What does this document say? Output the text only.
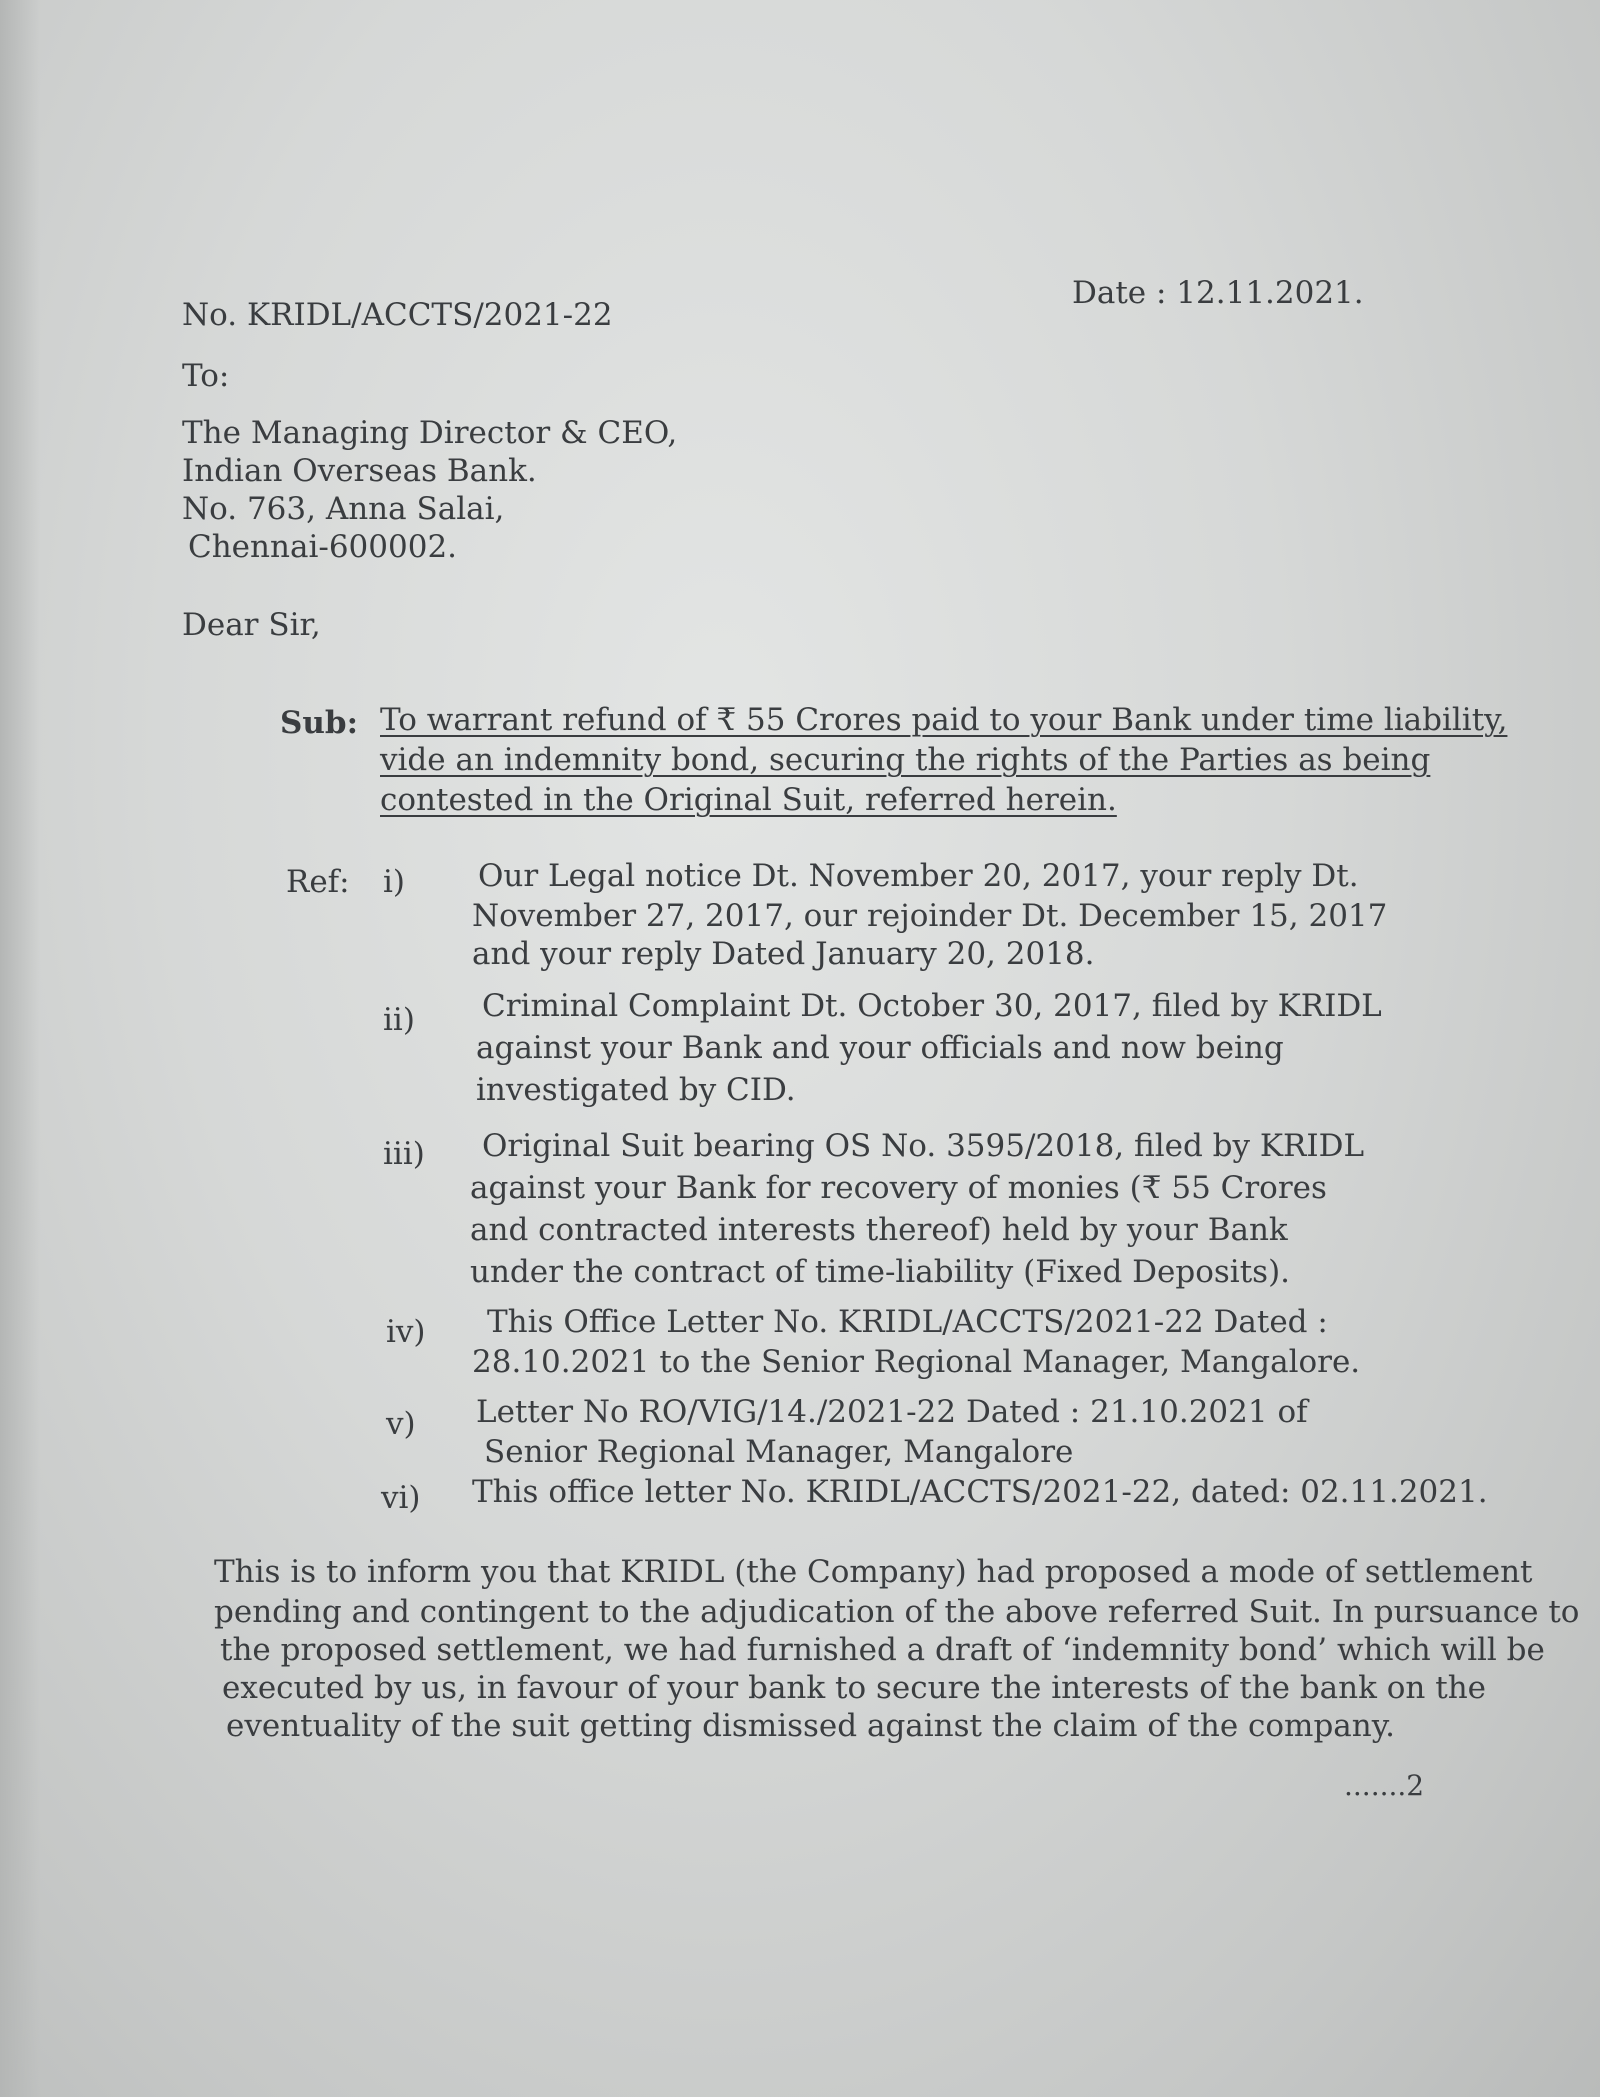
No. KRIDL/ACCTS/2021-22
Date : 12.11.2021.
To:
The Managing Director & CEO,
Indian Overseas Bank.
No. 763, Anna Salai,
Chennai-600002.
Dear Sir,
Sub: To warrant refund of ₹ 55 Crores paid to your Bank under time liability,
vide an indemnity bond, securing the rights of the Parties as being
contested in the Original Suit, referred herein.
Ref: i) Our Legal notice Dt. November 20, 2017, your reply Dt.
November 27, 2017, our rejoinder Dt. December 15, 2017
and your reply Dated January 20, 2018.
ii) Criminal Complaint Dt. October 30, 2017, filed by KRIDL
against your Bank and your officials and now being
investigated by CID.
iii) Original Suit bearing OS No. 3595/2018, filed by KRIDL
against your Bank for recovery of monies (₹ 55 Crores
and contracted interests thereof) held by your Bank
under the contract of time-liability (Fixed Deposits).
iv) This Office Letter No. KRIDL/ACCTS/2021-22 Dated :
28.10.2021 to the Senior Regional Manager, Mangalore.
v) Letter No RO/VIG/14./2021-22 Dated : 21.10.2021 of
Senior Regional Manager, Mangalore
vi) This office letter No. KRIDL/ACCTS/2021-22, dated: 02.11.2021.
This is to inform you that KRIDL (the Company) had proposed a mode of settlement
pending and contingent to the adjudication of the above referred Suit. In pursuance to
the proposed settlement, we had furnished a draft of ‘indemnity bond’ which will be
executed by us, in favour of your bank to secure the interests of the bank on the
eventuality of the suit getting dismissed against the claim of the company.
.......2
